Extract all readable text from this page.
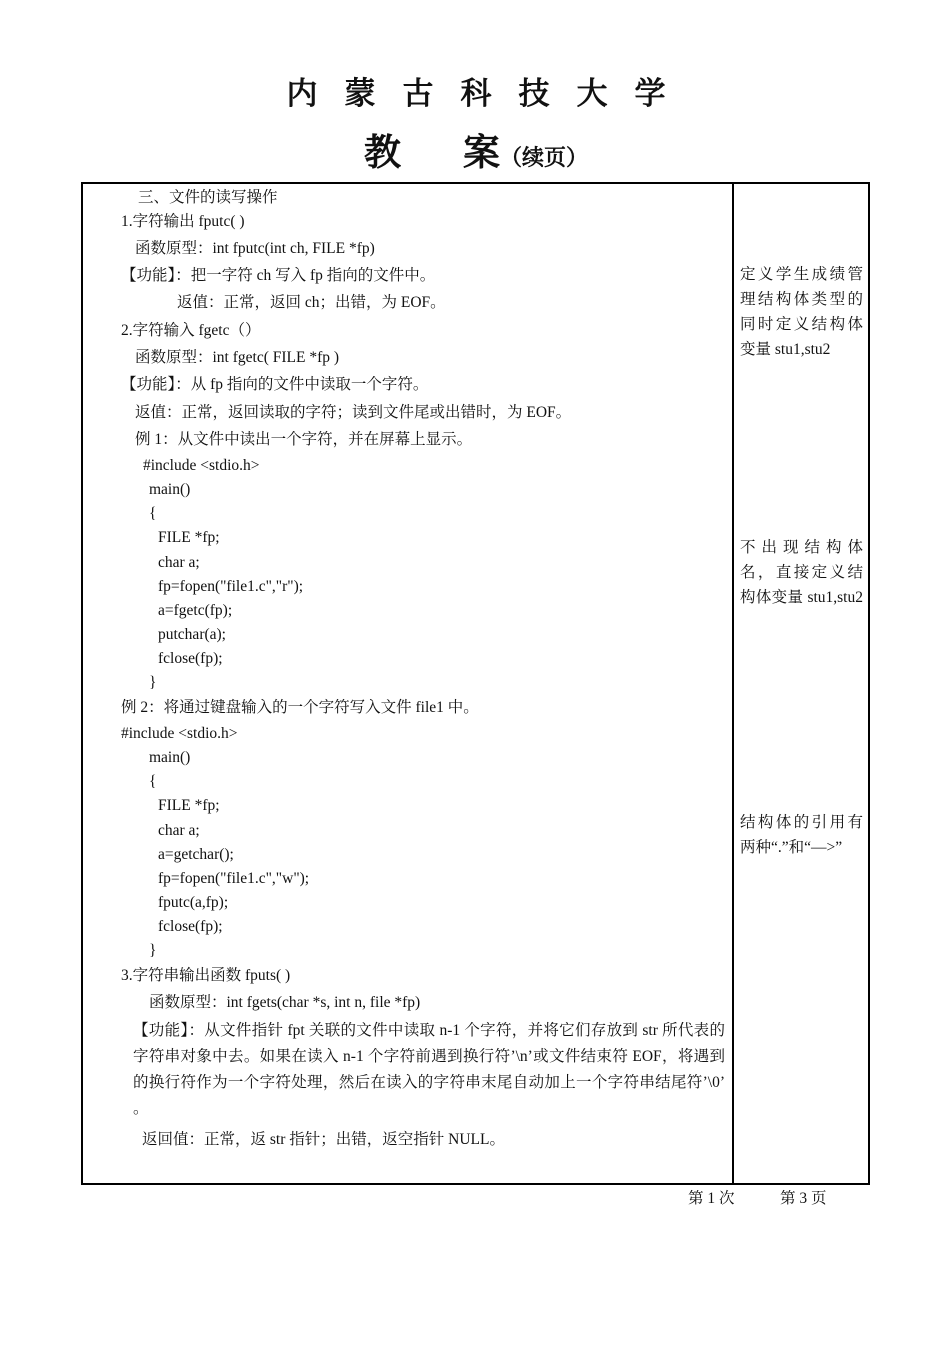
内蒙古科技大学
教 案（续页）
三、文件的读写操作
1.字符输出 fputc( )
函数原型：int fputc(int ch, FILE *fp)
【功能】：把一字符 ch 写入 fp 指向的文件中。
返值：正常，返回 ch；出错，为 EOF。
2.字符输入 fgetc（）
函数原型：int fgetc( FILE *fp )
【功能】：从 fp 指向的文件中读取一个字符。
返值：正常，返回读取的字符；读到文件尾或出错时，为 EOF。
例 1：从文件中读出一个字符，并在屏幕上显示。
#include <stdio.h>
main()
{
FILE *fp;
char a;
fp=fopen("file1.c","r");
a=fgetc(fp);
putchar(a);
fclose(fp);
}
例 2：将通过键盘输入的一个字符写入文件 file1 中。
#include <stdio.h>
main()
{
FILE *fp;
char a;
a=getchar();
fp=fopen("file1.c","w");
fputc(a,fp);
fclose(fp);
}
3.字符串输出函数 fputs( )
函数原型：int fgets(char *s, int n, file *fp)
【功能】：从文件指针 fpt 关联的文件中读取 n-1 个字符，并将它们存放到 str 所代表的字符串对象中去。如果在读入 n-1 个字符前遇到换行符’\n’或文件结束符 EOF，将遇到的换行符作为一个字符处理，然后在读入的字符串末尾自动加上一个字符串结尾符’\0’ 。
返回值：正常，返 str 指针；出错，返空指针 NULL。
定义学生成绩管理结构体类型的同时定义结构体变量 stu1,stu2
不出现结构体名，直接定义结构体变量 stu1,stu2
结构体的引用有两种“.”和“—>”
第 1 次	第 3 页
